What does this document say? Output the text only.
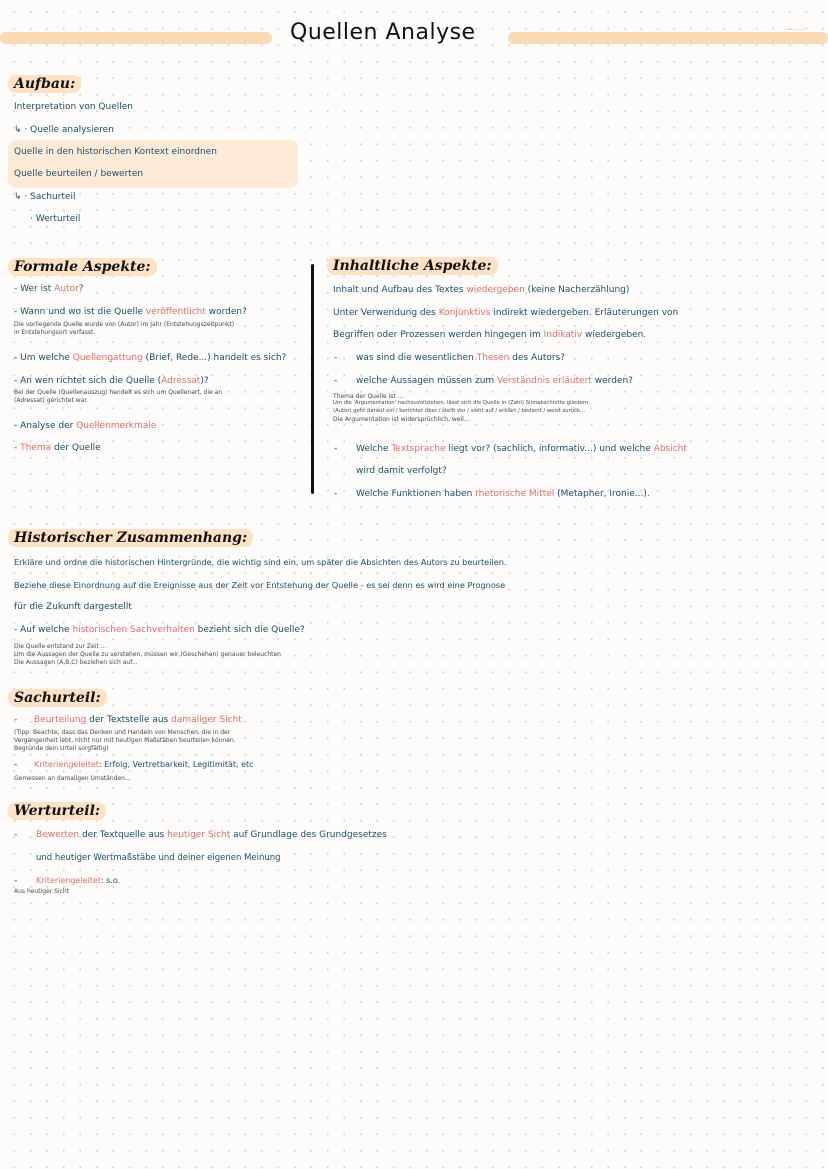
Quellen Analyse	—— ——
Aufbau:
Interpretation von Quellen
↳ · Quelle analysieren
Quelle in den historischen Kontext einordnen
Quelle beurteilen / bewerten
↳ · Sachurteil
· Werturteil
Formale Aspekte:
- Wer ist Autor?
- Wann und wo ist die Quelle veröffentlicht worden?
Die vorliegende Quelle wurde von (Autor) im Jahr (Entstehungszeitpunkt)
in Entstehungsort verfasst.
- Um welche Quellengattung (Brief, Rede...) handelt es sich?
- An wen richtet sich die Quelle (Adressat)?
Bei der Quelle (Quellenauszug) handelt es sich um Quellenart, die an
(Adressat) gerichtet war.
- Analyse der Quellenmerkmale
- Thema der Quelle
Inhaltliche Aspekte:
Inhalt und Aufbau des Textes wiedergeben (keine Nacherzählung)
Unter Verwendung des Konjunktivs indirekt wiedergeben. Erläuterungen von
Begriffen oder Prozessen werden hingegen im Indikativ wiedergeben.
- was sind die wesentlichen Thesen des Autors?
- welche Aussagen müssen zum Verständnis erläutert werden?
Thema der Quelle ist ...
Um die 'Argumentation' nachzuvollziehen, lässt sich die Quelle in (Zahl) Sinnabschnitte gliedern.
(Autor) geht darauf ein / berichtet über / stellt vor / sieht auf / erklärt / bedient / weist zurück...
Die Argumentation ist widersprüchlich, weil...
- Welche Textsprache liegt vor? (sachlich, informativ...) und welche Absicht
wird damit verfolgt?
- Welche Funktionen haben rhetorische Mittel (Metapher, Ironie...).
Historischer Zusammenhang:
Erkläre und ordne die historischen Hintergründe, die wichtig sind ein, um später die Absichten des Autors zu beurteilen.
Beziehe diese Einordnung auf die Ereignisse aus der Zeit vor Entstehung der Quelle - es sei denn es wird eine Prognose
für die Zukunft dargestellt
- Auf welche historischen Sachverhalten bezieht sich die Quelle?
Die Quelle entstand zur Zeit ...
Um die Aussagen der Quelle zu verstehen, müssen wir (Geschehen) genauer beleuchten
Die Aussagen (A,B,C) beziehen sich auf...
Sachurteil:
- Beurteilung der Textstelle aus damaliger Sicht
(Tipp: Beachte, dass das Denken und Handeln von Menschen, die in der
Vergangenheit lebt, nicht nur mit heutigen Maßstäben beurteilen können.
Begründe dein Urteil sorgfältig)
- Kriteriengeleitet: Erfolg, Vertretbarkeit, Legitimität, etc
Gemessen an damaligen Umständen...
Werturteil:
- Bewerten der Textquelle aus heutiger Sicht auf Grundlage des Grundgesetzes
und heutiger Wertmaßstäbe und deiner eigenen Meinung
- Kriteriengeleitet: s.o.
Aus heutiger Sicht
